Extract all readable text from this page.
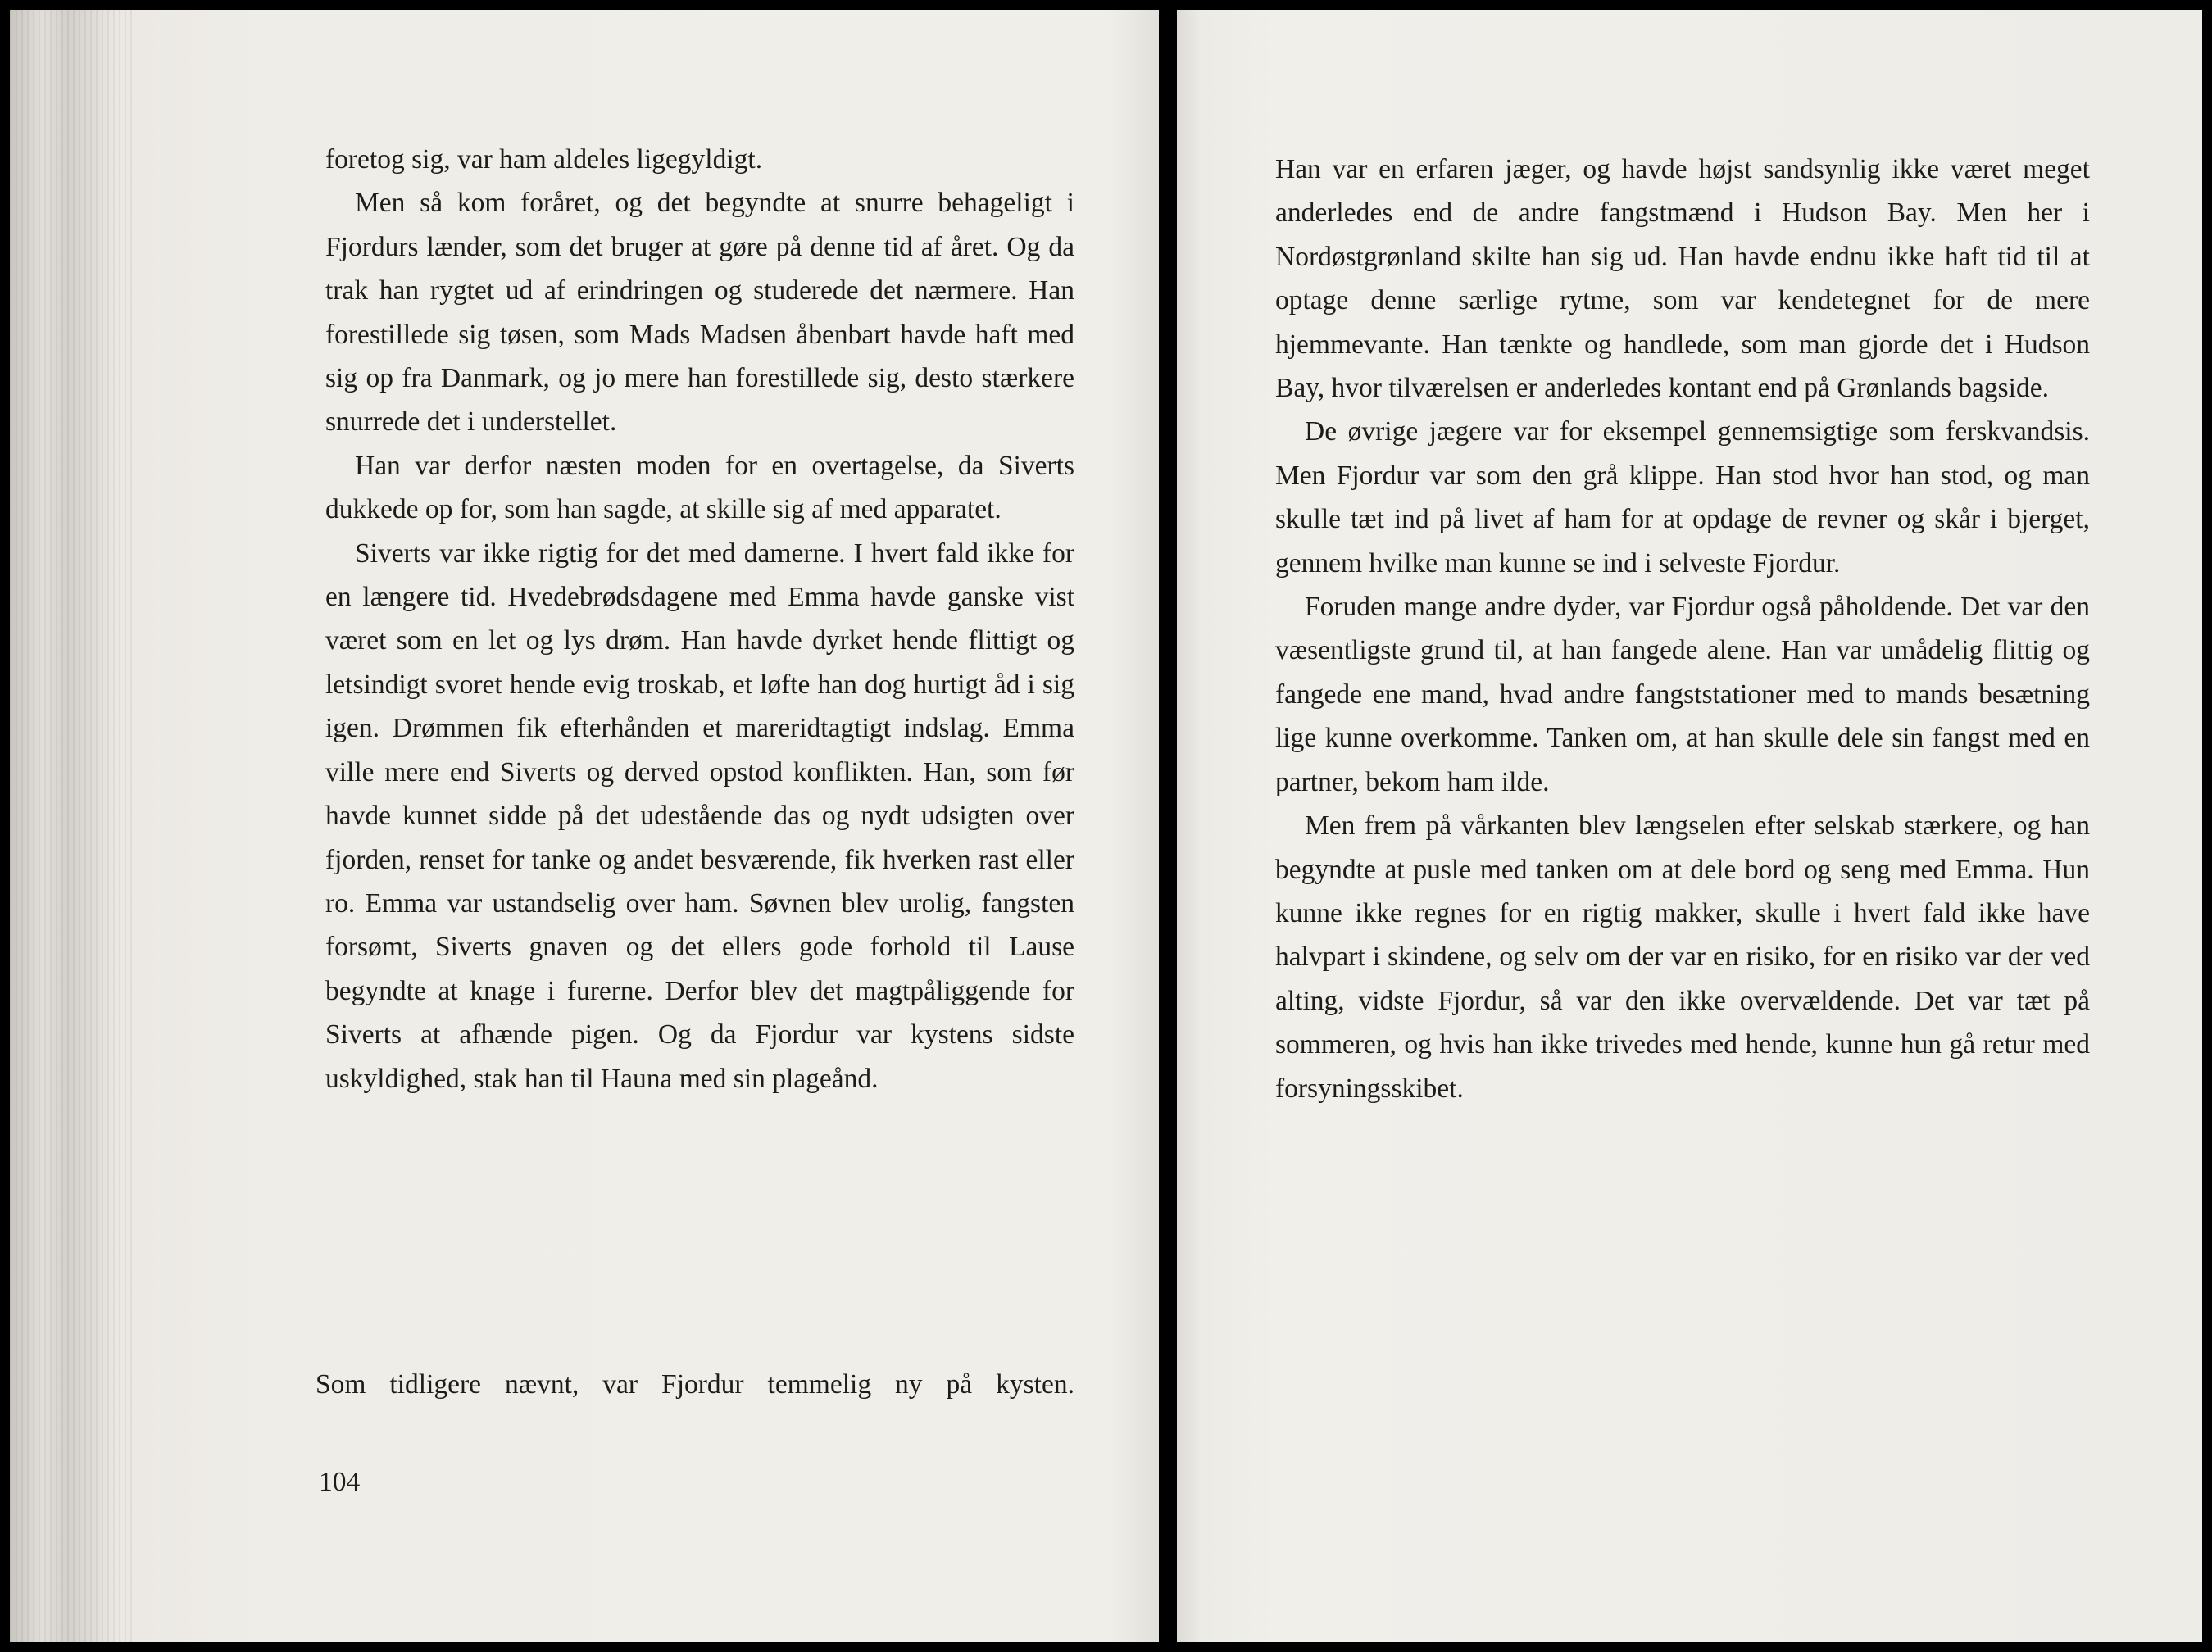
foretog sig, var ham aldeles ligegyldigt.

Men så kom foråret, og det begyndte at snurre behageligt i Fjordurs lænder, som det bruger at gøre på denne tid af året. Og da trak han rygtet ud af erindringen og studerede det nærmere. Han forestillede sig tøsen, som Mads Madsen åbenbart havde haft med sig op fra Danmark, og jo mere han forestillede sig, desto stærkere snurrede det i understellet.

Han var derfor næsten moden for en overtagelse, da Siverts dukkede op for, som han sagde, at skille sig af med apparatet.

Siverts var ikke rigtig for det med damerne. I hvert fald ikke for en længere tid. Hvedebrødsdagene med Emma havde ganske vist været som en let og lys drøm. Han havde dyrket hende flittigt og letsindigt svoret hende evig troskab, et løfte han dog hurtigt åd i sig igen. Drømmen fik efterhånden et mareridtagtigt indslag. Emma ville mere end Siverts og derved opstod konflikten. Han, som før havde kunnet sidde på det udestående das og nydt udsigten over fjorden, renset for tanke og andet besværende, fik hverken rast eller ro. Emma var ustandselig over ham. Søvnen blev urolig, fangsten forsømt, Siverts gnaven og det ellers gode forhold til Lause begyndte at knage i furerne. Derfor blev det magtpåliggende for Siverts at afhænde pigen. Og da Fjordur var kystens sidste uskyldighed, stak han til Hauna med sin plageånd.

Som tidligere nævnt, var Fjordur temmelig ny på kysten.

104

Han var en erfaren jæger, og havde højst sandsynlig ikke været meget anderledes end de andre fangstmænd i Hudson Bay. Men her i Nordøstgrønland skilte han sig ud. Han havde endnu ikke haft tid til at optage denne særlige rytme, som var kendetegnet for de mere hjemmevante. Han tænkte og handlede, som man gjorde det i Hudson Bay, hvor tilværelsen er anderledes kontant end på Grønlands bagside.

De øvrige jægere var for eksempel gennemsigtige som ferskvandsis. Men Fjordur var som den grå klippe. Han stod hvor han stod, og man skulle tæt ind på livet af ham for at opdage de revner og skår i bjerget, gennem hvilke man kunne se ind i selveste Fjordur.

Foruden mange andre dyder, var Fjordur også påholdende. Det var den væsentligste grund til, at han fangede alene. Han var umådelig flittig og fangede ene mand, hvad andre fangststationer med to mands besætning lige kunne overkomme. Tanken om, at han skulle dele sin fangst med en partner, bekom ham ilde.

Men frem på vårkanten blev længselen efter selskab stærkere, og han begyndte at pusle med tanken om at dele bord og seng med Emma. Hun kunne ikke regnes for en rigtig makker, skulle i hvert fald ikke have halvpart i skindene, og selv om der var en risiko, for en risiko var der ved alting, vidste Fjordur, så var den ikke overvældende. Det var tæt på sommeren, og hvis han ikke trivedes med hende, kunne hun gå retur med forsyningsskibet.
